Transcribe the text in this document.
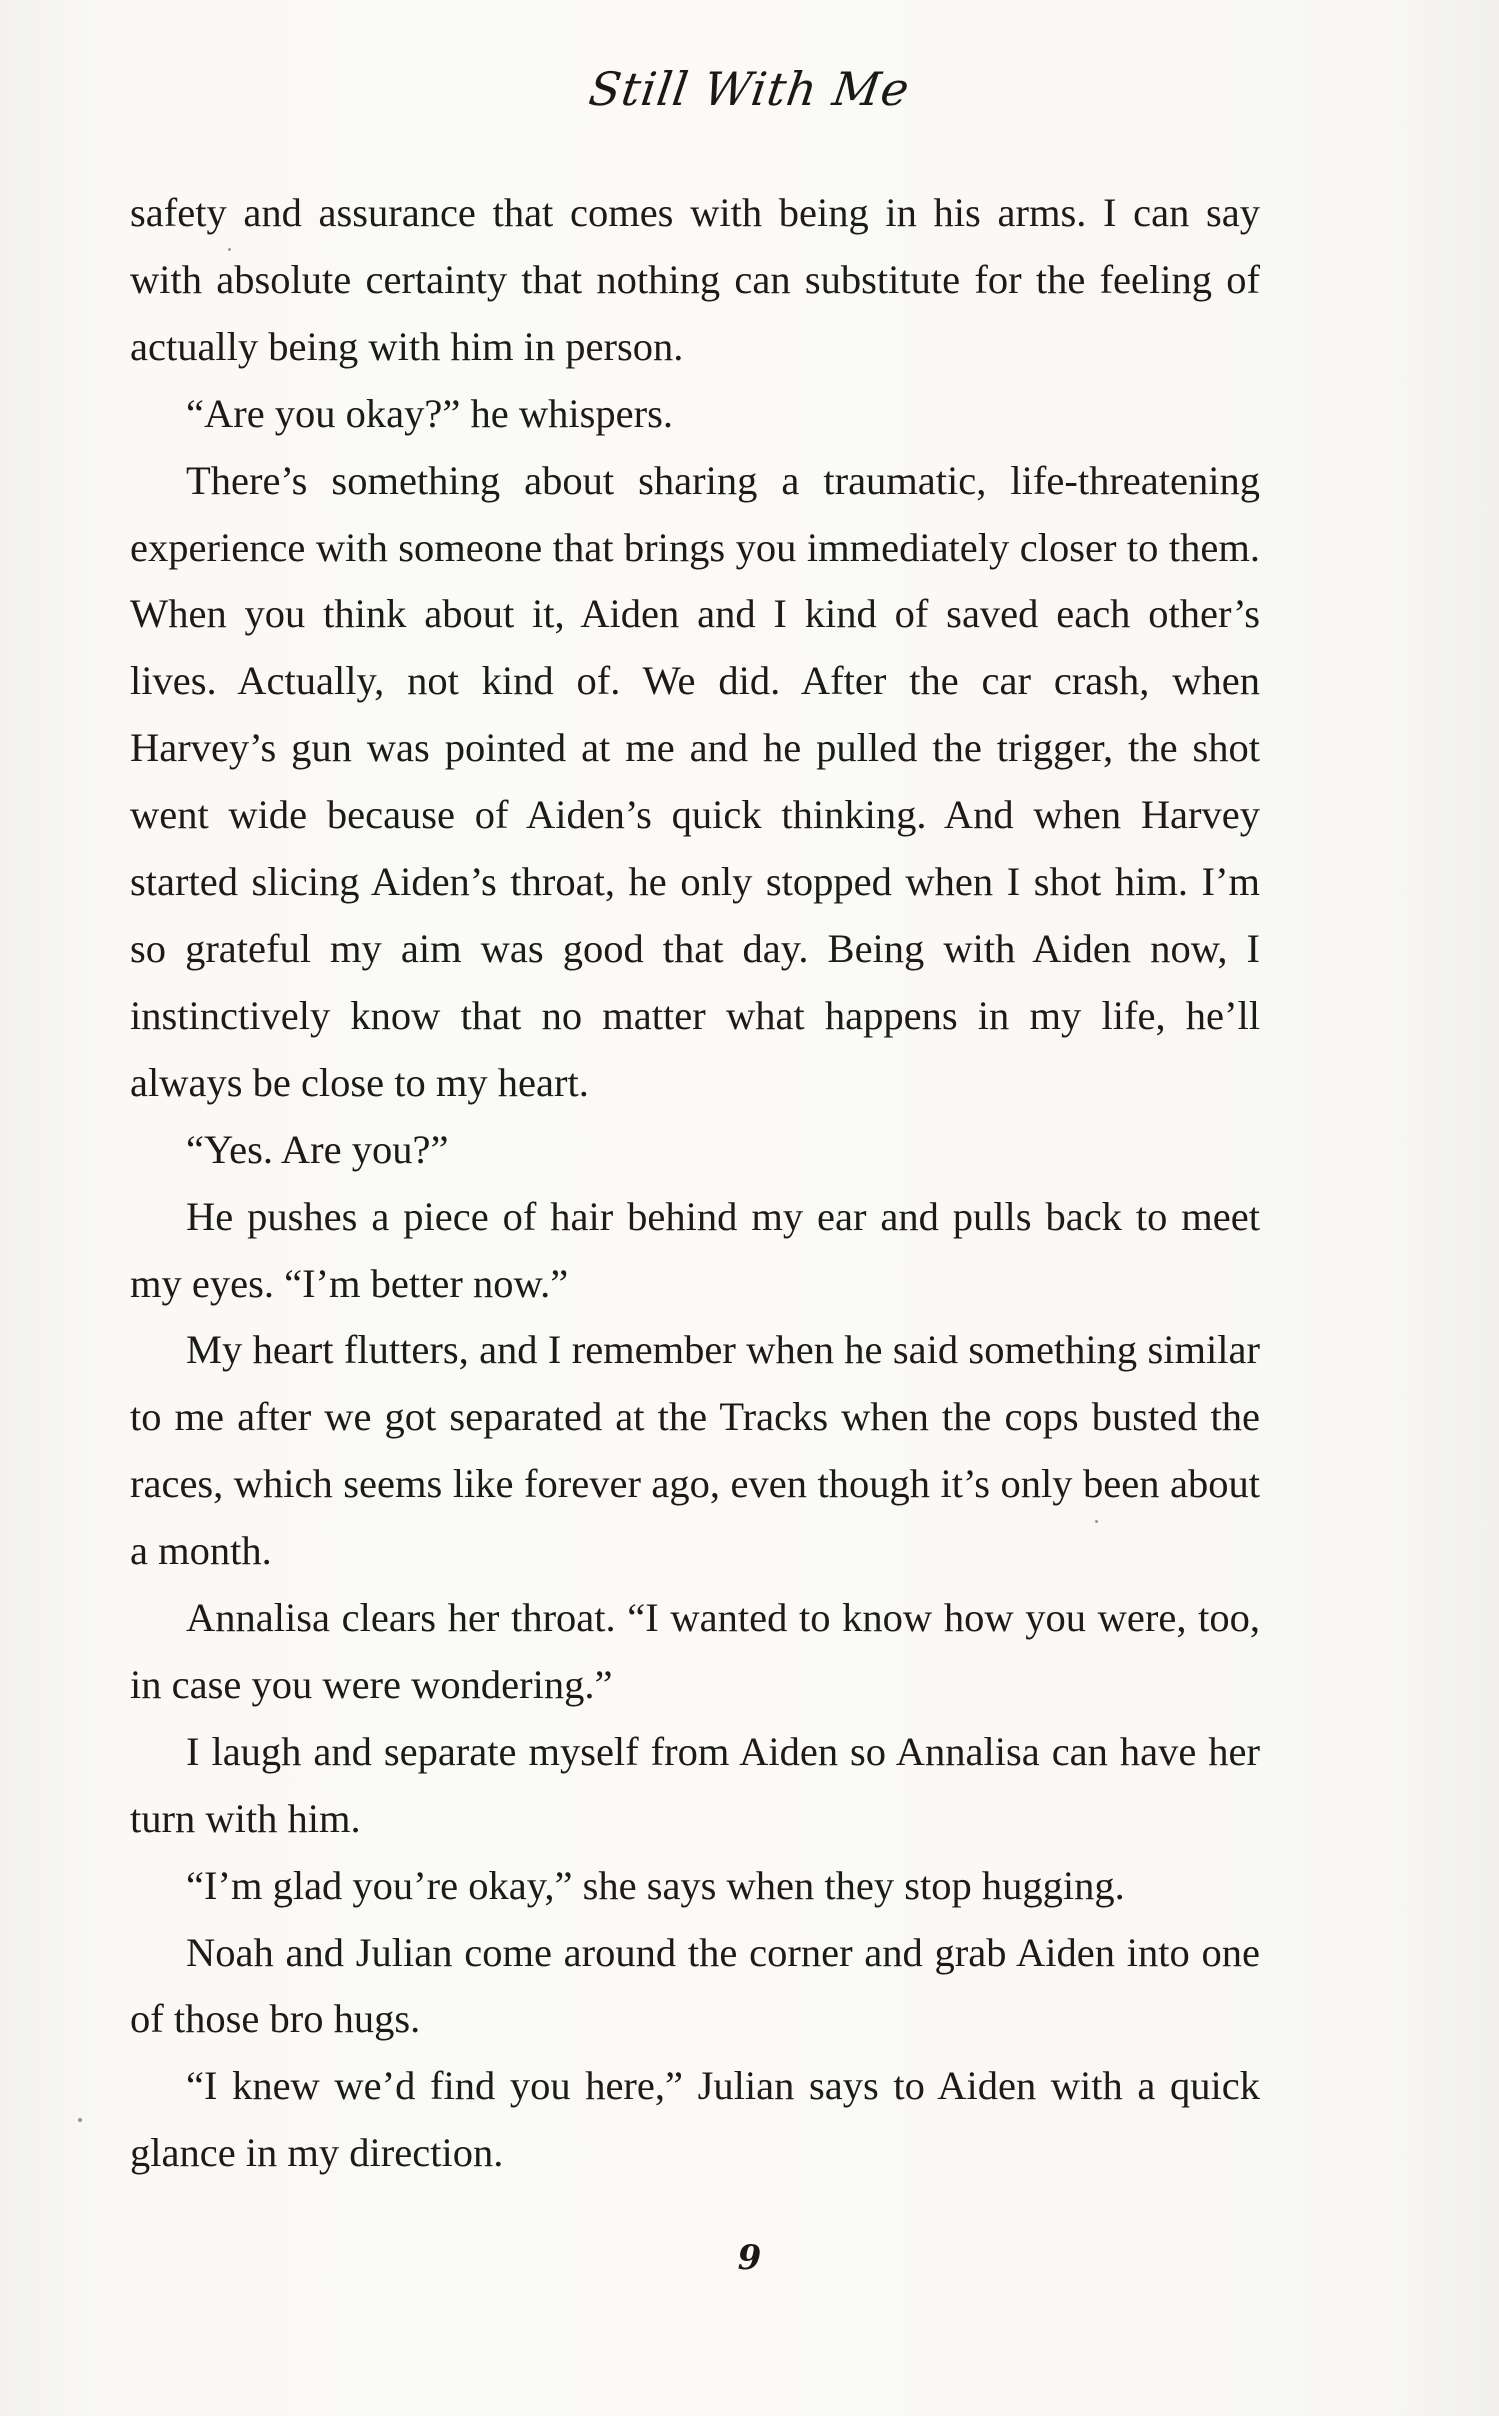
Still With Me

safety and assurance that comes with being in his arms. I can say with absolute certainty that nothing can substitute for the feeling of actually being with him in person.

“Are you okay?” he whispers.

There’s something about sharing a traumatic, life-threatening experience with someone that brings you immediately closer to them. When you think about it, Aiden and I kind of saved each other’s lives. Actually, not kind of. We did. After the car crash, when Harvey’s gun was pointed at me and he pulled the trigger, the shot went wide because of Aiden’s quick thinking. And when Harvey started slicing Aiden’s throat, he only stopped when I shot him. I’m so grateful my aim was good that day. Being with Aiden now, I instinctively know that no matter what happens in my life, he’ll always be close to my heart.

“Yes. Are you?”

He pushes a piece of hair behind my ear and pulls back to meet my eyes. “I’m better now.”

My heart flutters, and I remember when he said something similar to me after we got separated at the Tracks when the cops busted the races, which seems like forever ago, even though it’s only been about a month.

Annalisa clears her throat. “I wanted to know how you were, too, in case you were wondering.”

I laugh and separate myself from Aiden so Annalisa can have her turn with him.

“I’m glad you’re okay,” she says when they stop hugging.

Noah and Julian come around the corner and grab Aiden into one of those bro hugs.

“I knew we’d find you here,” Julian says to Aiden with a quick glance in my direction.

9
